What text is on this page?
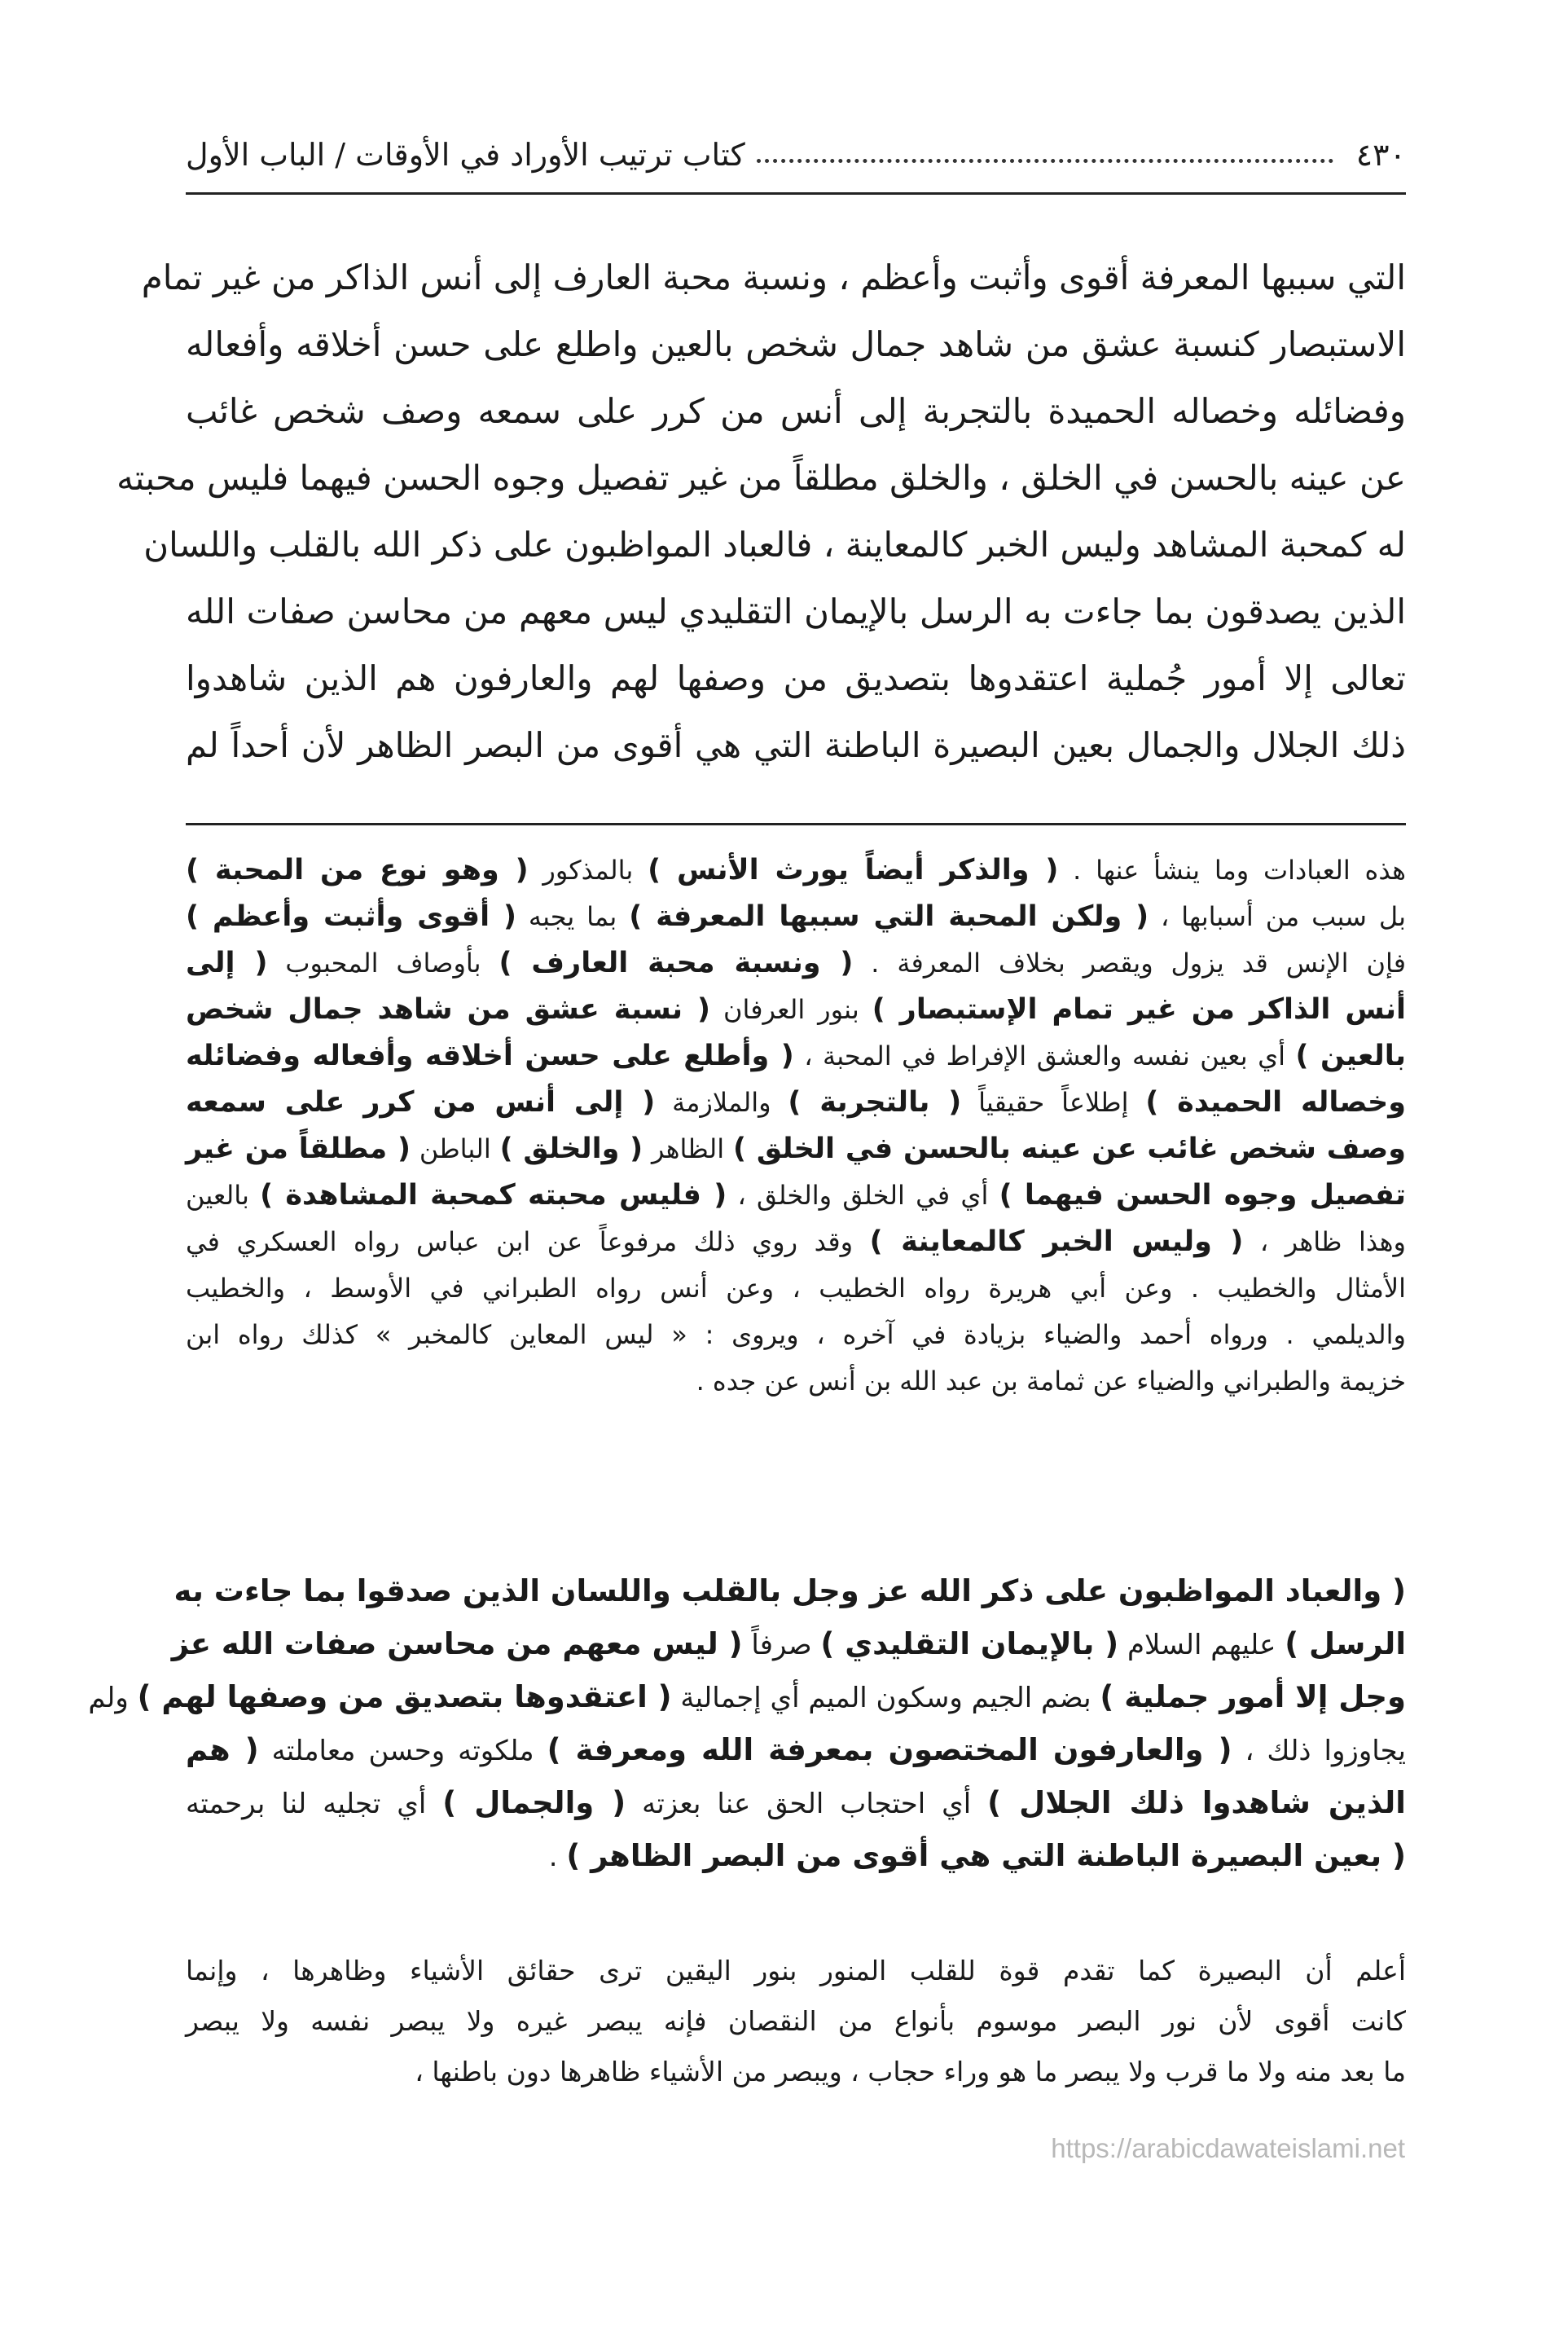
٤٣٠
كتاب ترتيب الأوراد في الأوقات / الباب الأول
التي سببها المعرفة أقوى وأثبت وأعظم ، ونسبة محبة العارف إلى أنس الذاكر من غير تمام
الاستبصار كنسبة عشق من شاهد جمال شخص بالعين واطلع على حسن أخلاقه وأفعاله
وفضائله وخصاله الحميدة بالتجربة إلى أنس من كرر على سمعه وصف شخص غائب
عن عينه بالحسن في الخلق ، والخلق مطلقاً من غير تفصيل وجوه الحسن فيهما فليس محبته
له كمحبة المشاهد وليس الخبر كالمعاينة ، فالعباد المواظبون على ذكر الله بالقلب واللسان
الذين يصدقون بما جاءت به الرسل بالإيمان التقليدي ليس معهم من محاسن صفات الله
تعالى إلا أمور جُملية اعتقدوها بتصديق من وصفها لهم والعارفون هم الذين شاهدوا
ذلك الجلال والجمال بعين البصيرة الباطنة التي هي أقوى من البصر الظاهر لأن أحداً لم
هذه العبادات وما ينشأ عنها . ( والذكر أيضاً يورث الأنس ) بالمذكور ( وهو نوع من المحبة )
بل سبب من أسبابها ، ( ولكن المحبة التي سببها المعرفة ) بما يجبه ( أقوى وأثبت وأعظم )
فإن الإنس قد يزول ويقصر بخلاف المعرفة . ( ونسبة محبة العارف ) بأوصاف المحبوب ( إلى
أنس الذاكر من غير تمام الإستبصار ) بنور العرفان ( نسبة عشق من شاهد جمال شخص
بالعين ) أي بعين نفسه والعشق الإفراط في المحبة ، ( وأطلع على حسن أخلاقه وأفعاله وفضائله
وخصاله الحميدة ) إطلاعاً حقيقياً ( بالتجربة ) والملازمة ( إلى أنس من كرر على سمعه
وصف شخص غائب عن عينه بالحسن في الخلق ) الظاهر ( والخلق ) الباطن ( مطلقاً من غير
تفصيل وجوه الحسن فيهما ) أي في الخلق والخلق ، ( فليس محبته كمحبة المشاهدة ) بالعين
وهذا ظاهر ، ( وليس الخبر كالمعاينة ) وقد روي ذلك مرفوعاً عن ابن عباس رواه العسكري في
الأمثال والخطيب . وعن أبي هريرة رواه الخطيب ، وعن أنس رواه الطبراني في الأوسط ، والخطيب
والديلمي . ورواه أحمد والضياء بزيادة في آخره ، ويروى : « ليس المعاين كالمخبر » كذلك رواه ابن
خزيمة والطبراني والضياء عن ثمامة بن عبد الله بن أنس عن جده .
( والعباد المواظبون على ذكر الله عز وجل بالقلب واللسان الذين صدقوا بما جاءت به
الرسل ) عليهم السلام ( بالإيمان التقليدي ) صرفاً ( ليس معهم من محاسن صفات الله عز
وجل إلا أمور جملية ) بضم الجيم وسكون الميم أي إجمالية ( اعتقدوها بتصديق من وصفها لهم ) ولم
يجاوزوا ذلك ، ( والعارفون المختصون بمعرفة الله ومعرفة ) ملكوته وحسن معاملته ( هم
الذين شاهدوا ذلك الجلال ) أي احتجاب الحق عنا بعزته ( والجمال ) أي تجليه لنا برحمته
( بعين البصيرة الباطنة التي هي أقوى من البصر الظاهر ) .
أعلم أن البصيرة كما تقدم قوة للقلب المنور بنور اليقين ترى حقائق الأشياء وظاهرها ، وإنما
كانت أقوى لأن نور البصر موسوم بأنواع من النقصان فإنه يبصر غيره ولا يبصر نفسه ولا يبصر
ما بعد منه ولا ما قرب ولا يبصر ما هو وراء حجاب ، ويبصر من الأشياء ظاهرها دون باطنها ،
https://arabicdawateislami.net
